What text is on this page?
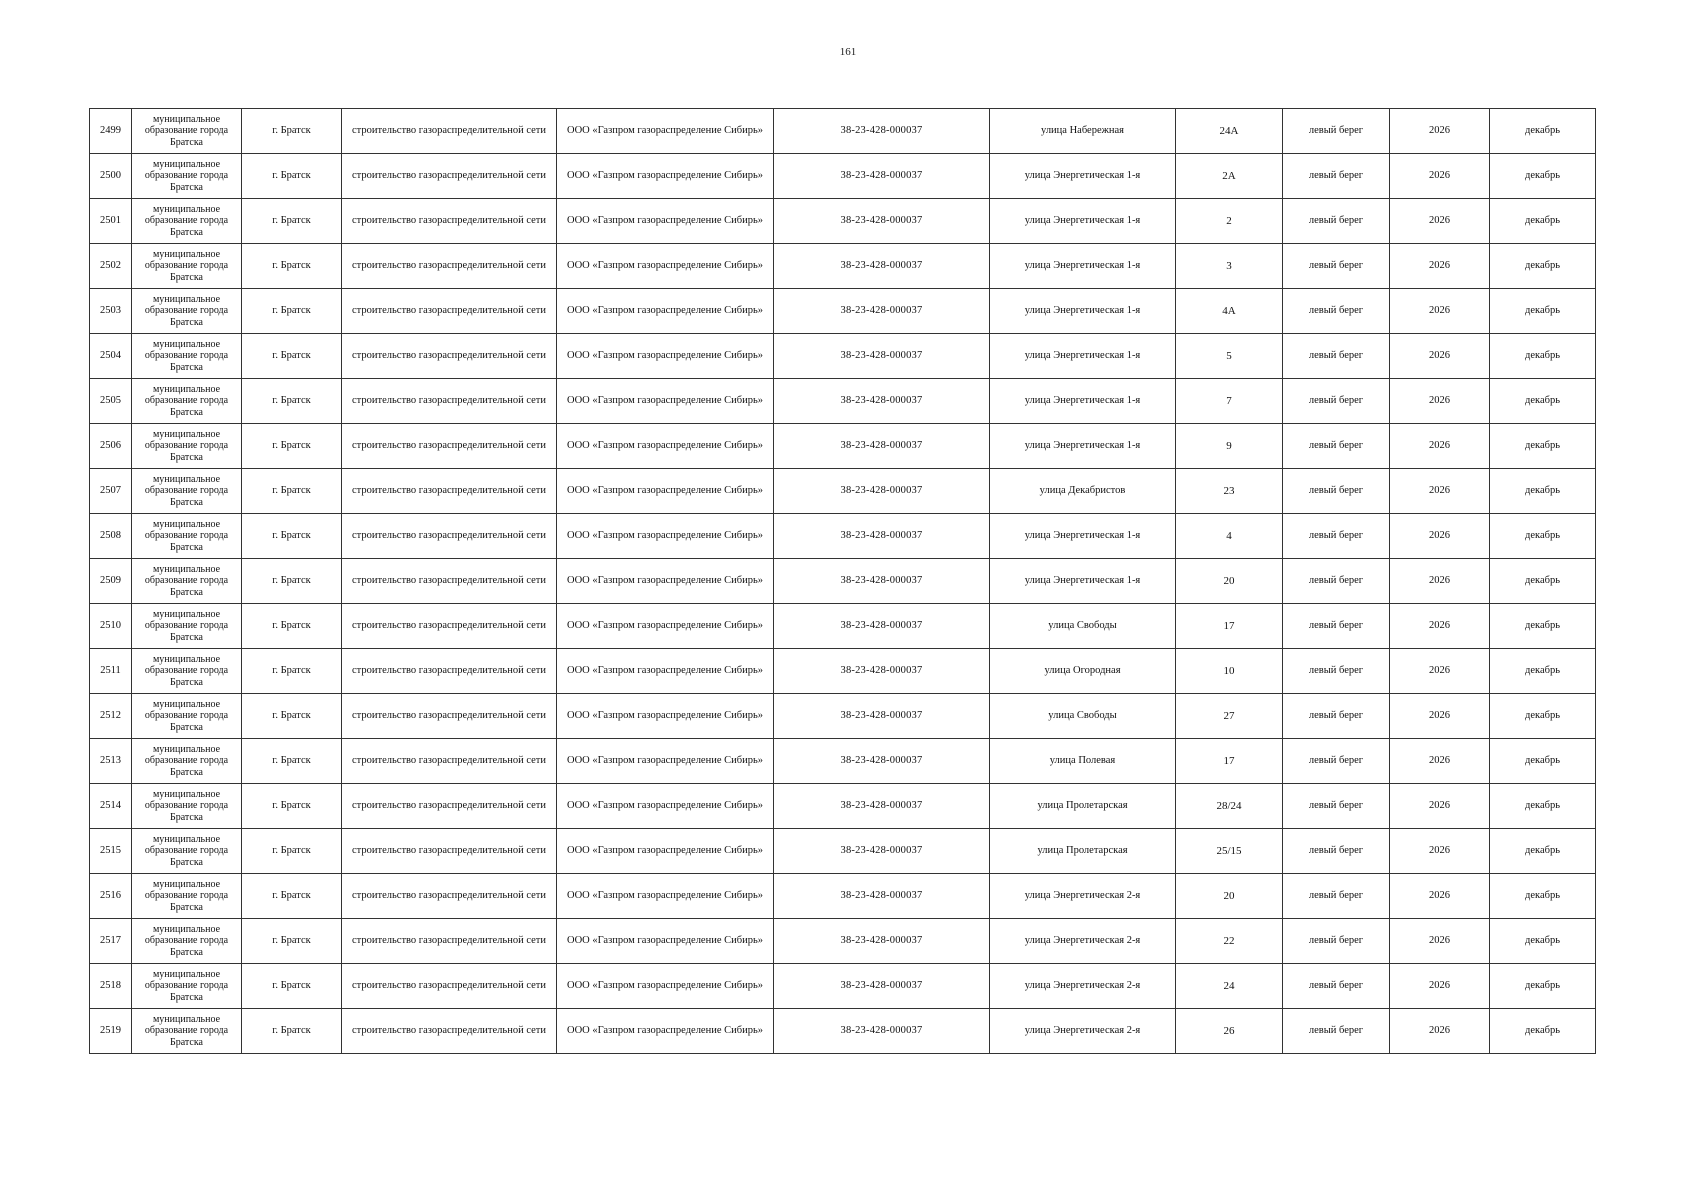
161
2499	муниципальное образование города Братска	г. Братск	строительство газораспределительной сети	ООО «Газпром газораспределение Сибирь»	38-23-428-000037	улица Набережная	24А	левый берег	2026	декабрь
2500	муниципальное образование города Братска	г. Братск	строительство газораспределительной сети	ООО «Газпром газораспределение Сибирь»	38-23-428-000037	улица Энергетическая 1-я	2А	левый берег	2026	декабрь
2501	муниципальное образование города Братска	г. Братск	строительство газораспределительной сети	ООО «Газпром газораспределение Сибирь»	38-23-428-000037	улица Энергетическая 1-я	2	левый берег	2026	декабрь
2502	муниципальное образование города Братска	г. Братск	строительство газораспределительной сети	ООО «Газпром газораспределение Сибирь»	38-23-428-000037	улица Энергетическая 1-я	3	левый берег	2026	декабрь
2503	муниципальное образование города Братска	г. Братск	строительство газораспределительной сети	ООО «Газпром газораспределение Сибирь»	38-23-428-000037	улица Энергетическая 1-я	4А	левый берег	2026	декабрь
2504	муниципальное образование города Братска	г. Братск	строительство газораспределительной сети	ООО «Газпром газораспределение Сибирь»	38-23-428-000037	улица Энергетическая 1-я	5	левый берег	2026	декабрь
2505	муниципальное образование города Братска	г. Братск	строительство газораспределительной сети	ООО «Газпром газораспределение Сибирь»	38-23-428-000037	улица Энергетическая 1-я	7	левый берег	2026	декабрь
2506	муниципальное образование города Братска	г. Братск	строительство газораспределительной сети	ООО «Газпром газораспределение Сибирь»	38-23-428-000037	улица Энергетическая 1-я	9	левый берег	2026	декабрь
2507	муниципальное образование города Братска	г. Братск	строительство газораспределительной сети	ООО «Газпром газораспределение Сибирь»	38-23-428-000037	улица Декабристов	23	левый берег	2026	декабрь
2508	муниципальное образование города Братска	г. Братск	строительство газораспределительной сети	ООО «Газпром газораспределение Сибирь»	38-23-428-000037	улица Энергетическая 1-я	4	левый берег	2026	декабрь
2509	муниципальное образование города Братска	г. Братск	строительство газораспределительной сети	ООО «Газпром газораспределение Сибирь»	38-23-428-000037	улица Энергетическая 1-я	20	левый берег	2026	декабрь
2510	муниципальное образование города Братска	г. Братск	строительство газораспределительной сети	ООО «Газпром газораспределение Сибирь»	38-23-428-000037	улица Свободы	17	левый берег	2026	декабрь
2511	муниципальное образование города Братска	г. Братск	строительство газораспределительной сети	ООО «Газпром газораспределение Сибирь»	38-23-428-000037	улица Огородная	10	левый берег	2026	декабрь
2512	муниципальное образование города Братска	г. Братск	строительство газораспределительной сети	ООО «Газпром газораспределение Сибирь»	38-23-428-000037	улица Свободы	27	левый берег	2026	декабрь
2513	муниципальное образование города Братска	г. Братск	строительство газораспределительной сети	ООО «Газпром газораспределение Сибирь»	38-23-428-000037	улица Полевая	17	левый берег	2026	декабрь
2514	муниципальное образование города Братска	г. Братск	строительство газораспределительной сети	ООО «Газпром газораспределение Сибирь»	38-23-428-000037	улица Пролетарская	28/24	левый берег	2026	декабрь
2515	муниципальное образование города Братска	г. Братск	строительство газораспределительной сети	ООО «Газпром газораспределение Сибирь»	38-23-428-000037	улица Пролетарская	25/15	левый берег	2026	декабрь
2516	муниципальное образование города Братска	г. Братск	строительство газораспределительной сети	ООО «Газпром газораспределение Сибирь»	38-23-428-000037	улица Энергетическая 2-я	20	левый берег	2026	декабрь
2517	муниципальное образование города Братска	г. Братск	строительство газораспределительной сети	ООО «Газпром газораспределение Сибирь»	38-23-428-000037	улица Энергетическая 2-я	22	левый берег	2026	декабрь
2518	муниципальное образование города Братска	г. Братск	строительство газораспределительной сети	ООО «Газпром газораспределение Сибирь»	38-23-428-000037	улица Энергетическая 2-я	24	левый берег	2026	декабрь
2519	муниципальное образование города Братска	г. Братск	строительство газораспределительной сети	ООО «Газпром газораспределение Сибирь»	38-23-428-000037	улица Энергетическая 2-я	26	левый берег	2026	декабрь
